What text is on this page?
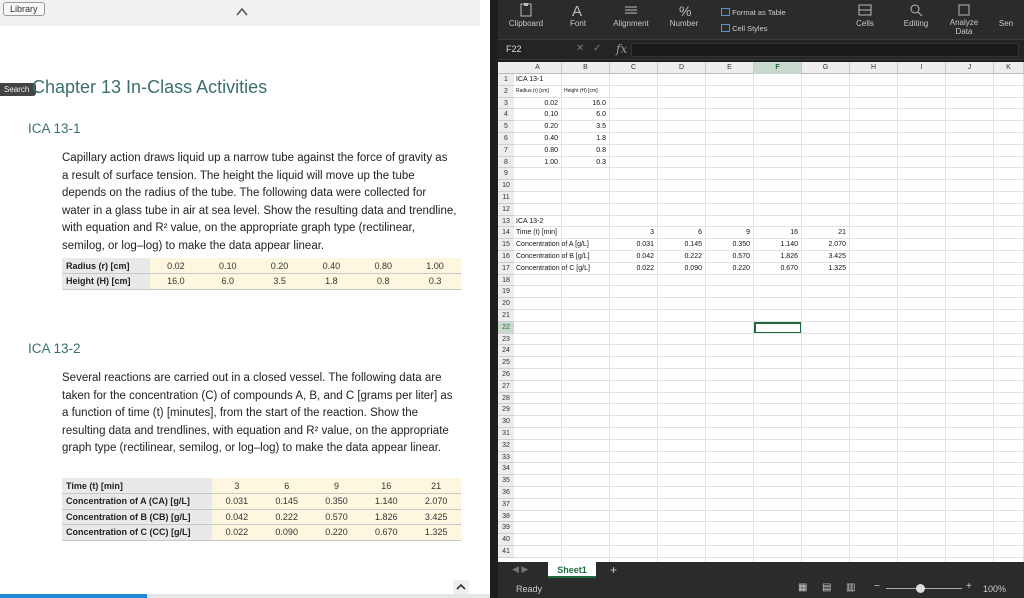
Library
Search Chapter 13 In-Class Activities
ICA 13-1
Capillary action draws liquid up a narrow tube against the force of gravity as a result of surface tension. The height the liquid will move up the tube depends on the radius of the tube. The following data were collected for water in a glass tube in air at sea level. Show the resulting data and trendline, with equation and R² value, on the appropriate graph type (rectilinear, semilog, or log–log) to make the data appear linear.
Radius (r) [cm]	0.02	0.10	0.20	0.40	0.80	1.00
Height (H) [cm]	16.0	6.0	3.5	1.8	0.8	0.3
ICA 13-2
Several reactions are carried out in a closed vessel. The following data are taken for the concentration (C) of compounds A, B, and C [grams per liter] as a function of time (t) [minutes], from the start of the reaction. Show the resulting data and trendlines, with equation and R² value, on the appropriate graph type (rectilinear, semilog, or log–log) to make the data appear linear.
Time (t) [min]	3	6	9	16	21
Concentration of A (CA) [g/L]	0.031	0.145	0.350	1.140	2.070
Concentration of B (CB) [g/L]	0.042	0.222	0.570	1.826	3.425
Concentration of C (CC) [g/L]	0.022	0.090	0.220	0.670	1.325
Clipboard
A
Font	Alignment
%
Number
Format as Table
Cell Styles
Cells	Editing	Analyze Data
Sen
F22	✕ ✓ fx
A	B	C	D	E	F	G	H	I	J	K
1
2
3
4
5
6
7
8
9
10
11
12
13
14
15
16
17
18
19
20
21
22
23
24
25
26
27
28
29
30
31
32
33
34
35
36
37
38
39
40
41
ICA 13-1
Radius (r) [cm]	Height (H) [cm]
0.02	16.0
0.10	6.0
0.20	3.5
0.40	1.8
0.80	0.8
1.00	0.3
ICA 13-2
Time (t) [min]	3	6	9	16	21
Concentration of A [g/L]	0.031	0.145	0.350	1.140	2.070
Concentration of B [g/L]	0.042	0.222	0.570	1.826	3.425
Concentration of C [g/L]	0.022	0.090	0.220	0.670	1.325
◀ ▶	Sheet1	+
Ready	▦ ▤ ▥ −	+ 100%
